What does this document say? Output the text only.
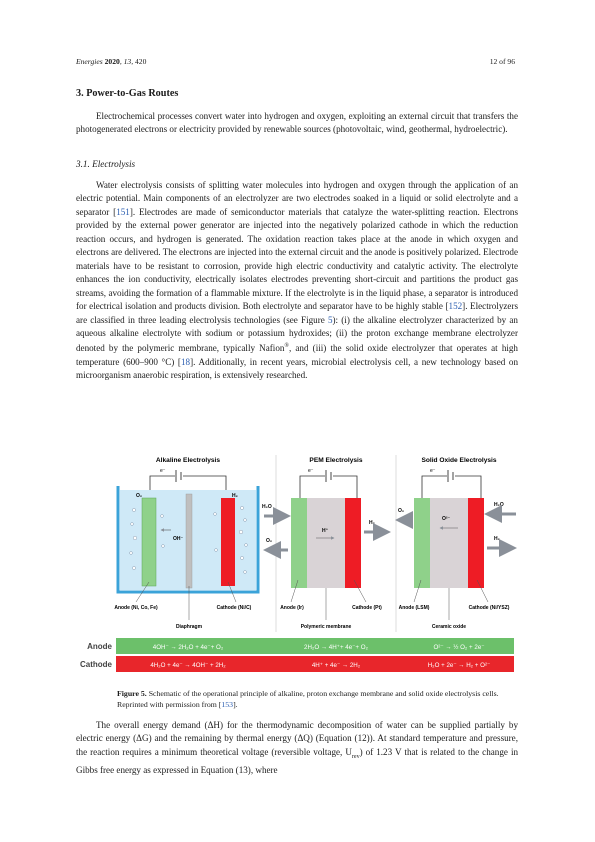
Energies 2020, 13, 420	12 of 96
3. Power-to-Gas Routes

Electrochemical processes convert water into hydrogen and oxygen, exploiting an external circuit that transfers the photogenerated electrons or electricity provided by renewable sources (photovoltaic, wind, geothermal, hydroelectric).

3.1. Electrolysis

Water electrolysis consists of splitting water molecules into hydrogen and oxygen through the application of an electric potential. Main components of an electrolyzer are two electrodes soaked in a liquid or solid electrolyte and a separator [151]. Electrodes are made of semiconductor materials that catalyze the water-splitting reaction. Electrons provided by the external power generator are injected into the negatively polarized cathode in which the reduction reaction occurs, and hydrogen is generated. The oxidation reaction takes place at the anode in which oxygen and electrons are delivered. The electrons are injected into the external circuit and the anode is positively polarized. Electrode materials have to be resistant to corrosion, provide high electric conductivity and catalytic activity. The electrolyte enhances the ion conductivity, electrically isolates electrodes preventing short-circuit and partitions the product gas streams, avoiding the formation of a flammable mixture. If the electrolyte is in the liquid phase, a separator is introduced for electrical isolation and products division. Both electrolyte and separator have to be highly stable [152]. Electrolyzers are classified in three leading electrolysis technologies (see Figure 5): (i) the alkaline electrolyzer characterized by an aqueous alkaline electrolyte with sodium or potassium hydroxides; (ii) the proton exchange membrane electrolyzer denoted by the polymeric membrane, typically Nafion®, and (iii) the solid oxide electrolyzer that operates at high temperature (600–900 °C) [18]. Additionally, in recent years, microbial electrolysis cell, a new technology based on microorganism anaerobic respiration, is extensively researched.

Alkaline Electrolysis
e⁻
O₂	H₂
OH⁻
Anode (Ni, Co, Fe)	Cathode (Ni/C)
Diaphragm
PEM Electrolysis
e⁻
H⁺
H₂O
O₂
H₂
Anode (Ir)	Cathode (Pt)
Polymeric membrane
Solid Oxide Electrolysis
e⁻
O²⁻
O₂
H₂O
H₂
Anode (LSM)	Cathode (Ni/YSZ)
Ceramic oxide
Anode
Cathode
4OH⁻ → 2H₂O + 4e⁻+ O₂	2H₂O → 4H⁺+ 4e⁻+ O₂	O²⁻ → ½ O₂ + 2e⁻
4H₂O + 4e⁻ → 4OH⁻ + 2H₂	4H⁺ + 4e⁻ → 2H₂	H₂O + 2e⁻ → H₂ + O²⁻
Figure 5. Schematic of the operational principle of alkaline, proton exchange membrane and solid oxide electrolysis cells. Reprinted with permission from [153].

The overall energy demand (ΔH) for the thermodynamic decomposition of water can be supplied partially by electric energy (ΔG) and the remaining by thermal energy (ΔQ) (Equation (12)). At standard temperature and pressure, the reaction requires a minimum theoretical voltage (reversible voltage, $U_{rev}$) of 1.23 V that is related to the change in Gibbs free energy as expressed in Equation (13), where
